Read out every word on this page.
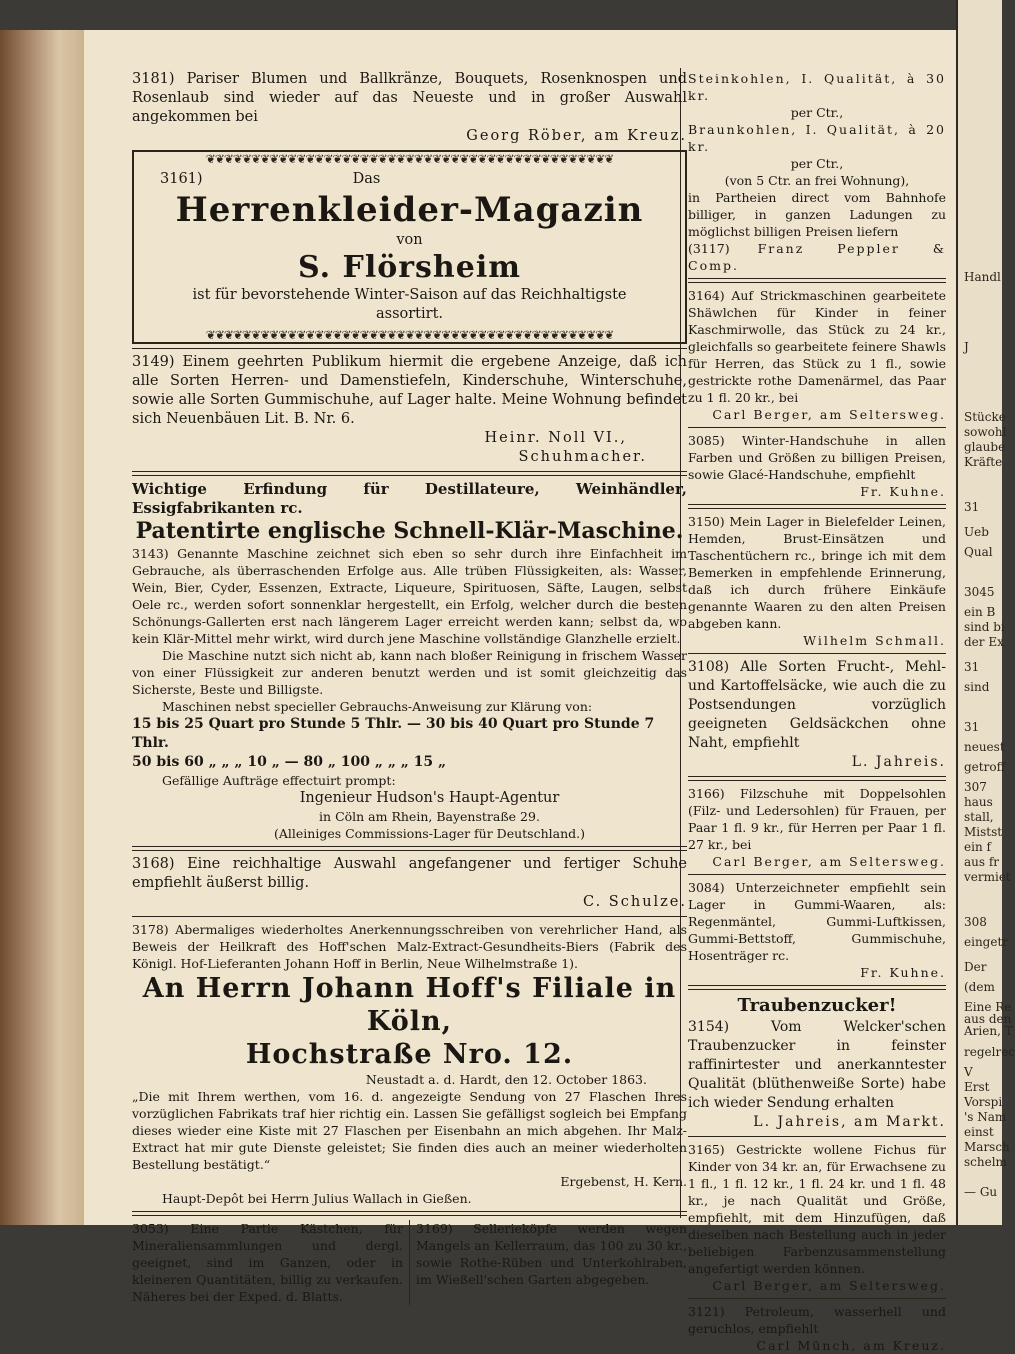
3181) Pariser Blumen und Ballkränze, Bouquets, Rosenknospen und Rosenlaub sind wieder auf das Neueste und in großer Auswahl angekommen bei

Georg Röber, am Kreuz.

❦❦❦❦❦❦❦❦❦❦❦❦❦❦❦❦❦❦❦❦❦❦❦❦❦❦❦❦❦❦❦❦❦❦❦❦❦❦❦❦❦❦❦❦❦

3161)	Das

Herrenkleider-Magazin

von

S. Flörsheim

ist für bevorstehende Winter-Saison auf das Reichhaltigste assortirt.

❦❦❦❦❦❦❦❦❦❦❦❦❦❦❦❦❦❦❦❦❦❦❦❦❦❦❦❦❦❦❦❦❦❦❦❦❦❦❦❦❦❦❦❦❦

3149) Einem geehrten Publikum hiermit die ergebene Anzeige, daß ich alle Sorten Herren- und Damenstiefeln, Kinderschuhe, Winterschuhe, sowie alle Sorten Gummischuhe, auf Lager halte. Meine Wohnung befindet sich Neuenbäuen Lit. B. Nr. 6.

Heinr. Noll VI.,

Schuhmacher.

Wichtige Erfindung für Destillateure, Weinhändler, Essigfabrikanten rc.

Patentirte englische Schnell-Klär-Maschine.

3143) Genannte Maschine zeichnet sich eben so sehr durch ihre Einfachheit im Gebrauche, als überraschenden Erfolge aus. Alle trüben Flüssigkeiten, als: Wasser, Wein, Bier, Cyder, Essenzen, Extracte, Liqueure, Spirituosen, Säfte, Laugen, selbst Oele rc., werden sofort sonnenklar hergestellt, ein Erfolg, welcher durch die besten Schönungs-Gallerten erst nach längerem Lager erreicht werden kann; selbst da, wo kein Klär-Mittel mehr wirkt, wird durch jene Maschine vollständige Glanzhelle erzielt.

Die Maschine nutzt sich nicht ab, kann nach bloßer Reinigung in frischem Wasser von einer Flüssigkeit zur anderen benutzt werden und ist somit gleichzeitig das Sicherste, Beste und Billigste.

Maschinen nebst specieller Gebrauchs-Anweisung zur Klärung von:

15 bis 25 Quart pro Stunde 5 Thlr. — 30 bis 40 Quart pro Stunde 7 Thlr.

50 bis 60 „ „ „ 10 „ — 80 „ 100 „ „ „ 15 „

Gefällige Aufträge effectuirt prompt:

Ingenieur Hudson's Haupt-Agentur

in Cöln am Rhein, Bayenstraße 29.

(Alleiniges Commissions-Lager für Deutschland.)

3168) Eine reichhaltige Auswahl angefangener und fertiger Schuhe empfiehlt äußerst billig.

C. Schulze.

3178) Abermaliges wiederholtes Anerkennungsschreiben von verehrlicher Hand, als Beweis der Heilkraft des Hoff'schen Malz-Extract-Gesundheits-Biers (Fabrik des Königl. Hof-Lieferanten Johann Hoff in Berlin, Neue Wilhelmstraße 1).

An Herrn Johann Hoff's Filiale in Köln,

Hochstraße Nro. 12.

Neustadt a. d. Hardt, den 12. October 1863.

„Die mit Ihrem werthen, vom 16. d. angezeigte Sendung von 27 Flaschen Ihres vorzüglichen Fabrikats traf hier richtig ein. Lassen Sie gefälligst sogleich bei Empfang dieses wieder eine Kiste mit 27 Flaschen per Eisenbahn an mich abgehen. Ihr Malz-Extract hat mir gute Dienste geleistet; Sie finden dies auch an meiner wiederholten Bestellung bestätigt.“

Ergebenst, H. Kern.

Haupt-Depôt bei Herrn Julius Wallach in Gießen.

3053) Eine Partie Kästchen, für Mineraliensammlungen und dergl. geeignet, sind im Ganzen, oder in kleineren Quantitäten, billig zu verkaufen. Näheres bei der Exped. d. Blatts.

3169) Sellerieköpfe werden wegen Mangels an Kellerraum, das 100 zu 30 kr., sowie Rothe-Rüben und Unterkohlraben, im Wießell'schen Garten abgegeben.

Steinkohlen, I. Qualität, à 30 kr.

per Ctr.,

Braunkohlen, I. Qualität, à 20 kr.

per Ctr.,

(von 5 Ctr. an frei Wohnung),

in Partheien direct vom Bahnhofe billiger, in ganzen Ladungen zu möglichst billigen Preisen liefern

(3117) Franz Peppler & Comp.

3164) Auf Strickmaschinen gearbeitete Shäwlchen für Kinder in feiner Kaschmirwolle, das Stück zu 24 kr., gleichfalls so gearbeitete feinere Shawls für Herren, das Stück zu 1 fl., sowie gestrickte rothe Damenärmel, das Paar zu 1 fl. 20 kr., bei

Carl Berger, am Seltersweg.

3085) Winter-Handschuhe in allen Farben und Größen zu billigen Preisen, sowie Glacé-Handschuhe, empfiehlt

Fr. Kuhne.

3150) Mein Lager in Bielefelder Leinen, Hemden, Brust-Einsätzen und Taschentüchern rc., bringe ich mit dem Bemerken in empfehlende Erinnerung, daß ich durch frühere Einkäufe genannte Waaren zu den alten Preisen abgeben kann.

Wilhelm Schmall.

3108) Alle Sorten Frucht-, Mehl- und Kartoffelsäcke, wie auch die zu Postsendungen vorzüglich geeigneten Geldsäckchen ohne Naht, empfiehlt

L. Jahreis.

3166) Filzschuhe mit Doppelsohlen (Filz- und Ledersohlen) für Frauen, per Paar 1 fl. 9 kr., für Herren per Paar 1 fl. 27 kr., bei

Carl Berger, am Seltersweg.

3084) Unterzeichneter empfiehlt sein Lager in Gummi-Waaren, als: Regenmäntel, Gummi-Luftkissen, Gummi-Bettstoff, Gummischuhe, Hosenträger rc.

Fr. Kuhne.

Traubenzucker!

3154) Vom Welcker'schen Traubenzucker in feinster raffinirtester und anerkanntester Qualität (blüthenweiße Sorte) habe ich wieder Sendung erhalten

L. Jahreis, am Markt.

3165) Gestrickte wollene Fichus für Kinder von 34 kr. an, für Erwachsene zu 1 fl., 1 fl. 12 kr., 1 fl. 24 kr. und 1 fl. 48 kr., je nach Qualität und Größe, empfiehlt, mit dem Hinzufügen, daß dieselben nach Bestellung auch in jeder beliebigen Farbenzusammenstellung angefertigt werden können.

Carl Berger, am Seltersweg.

3121) Petroleum, wasserhell und geruchlos, empfiehlt

Carl Münch, am Kreuz.

Handl
J
Stücke
sowohl
glaube
Kräfte
31
Ueb
Qual
3045
ein B
sind bi
der Ex
31
sind
31
neuest
getroff
307
haus
stall,
Mistst
ein f
aus fr
vermiet
308
eingetr
Der
(dem
Eine Re
aus den
Arien, T
regelrec
V
Erst
Vorspi
's Nam
einst
Marsch
schelm
— Gu
